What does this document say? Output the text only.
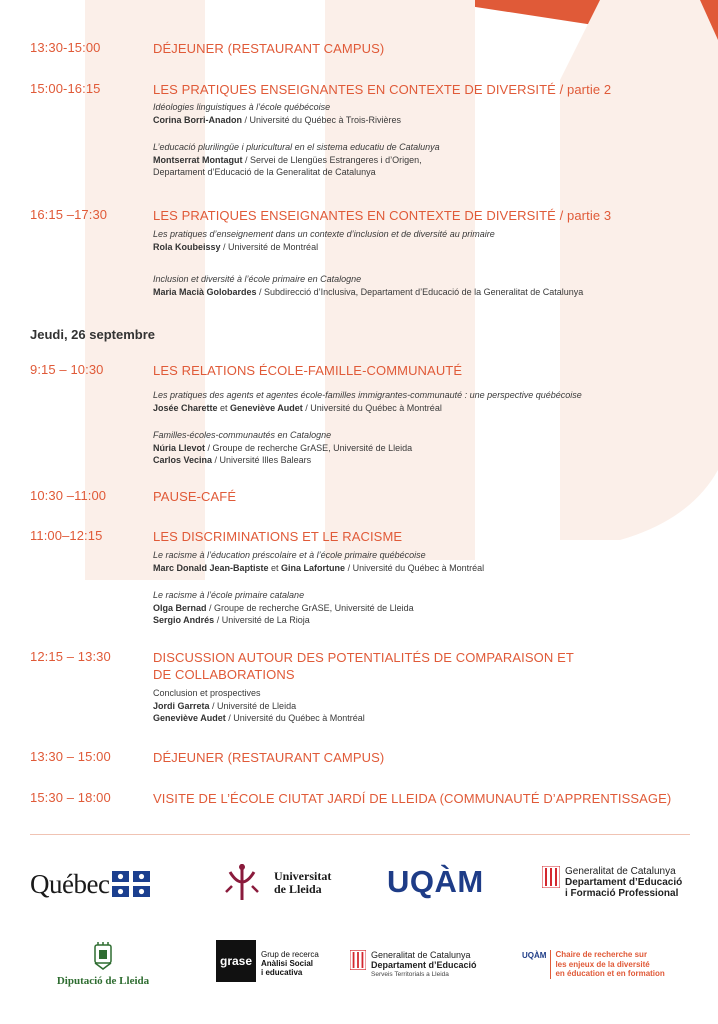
13:30-15:00	DÉJEUNER (RESTAURANT CAMPUS)
15:00-16:15	LES PRATIQUES ENSEIGNANTES EN CONTEXTE DE DIVERSITÉ / partie 2
Idéologies linguistiques à l’école québécoise
Corina Borri-Anadon / Université du Québec à Trois-Rivières
L’educació plurilingüe i pluricultural en el sistema educatiu de Catalunya
Montserrat Montagut / Servei de Llengües Estrangeres i d’Origen,
Departament d’Educació de la Generalitat de Catalunya
16:15 –17:30	LES PRATIQUES ENSEIGNANTES EN CONTEXTE DE DIVERSITÉ / partie 3
Les pratiques d’enseignement dans un contexte d’inclusion et de diversité au primaire
Rola Koubeissy / Université de Montréal
Inclusion et diversité à l’école primaire en Catalogne
Maria Macià Golobardes / Subdirecció d’Inclusiva, Departament d’Educació de la Generalitat de Catalunya
Jeudi, 26 septembre
9:15 – 10:30	LES RELATIONS ÉCOLE-FAMILLE-COMMUNAUTÉ
Les pratiques des agents et agentes école-familles immigrantes-communauté : une perspective québécoise
Josée Charette et Geneviève Audet / Université du Québec à Montréal
Familles-écoles-communautés en Catalogne
Núria Llevot / Groupe de recherche GrASE, Université de Lleida
Carlos Vecina / Université Illes Balears
10:30 –11:00	PAUSE-CAFÉ
11:00–12:15	LES DISCRIMINATIONS ET LE RACISME
Le racisme à l’éducation préscolaire et à l’école primaire québécoise
Marc Donald Jean-Baptiste et Gina Lafortune / Université du Québec à Montréal
Le racisme à l’école primaire catalane
Olga Bernad / Groupe de recherche GrASE, Université de Lleida
Sergio Andrés / Université de La Rioja
12:15 – 13:30	DISCUSSION AUTOUR DES POTENTIALITÉS DE COMPARAISON ET
DE COLLABORATIONS
Conclusion et prospectives
Jordi Garreta / Université de Lleida
Geneviève Audet / Université du Québec à Montréal
13:30 – 15:00	DÉJEUNER (RESTAURANT CAMPUS)
15:30 – 18:00	VISITE DE L’ÉCOLE CIUTAT JARDÍ DE LLEIDA (COMMUNAUTÉ D’APPRENTISSAGE)
Québec	Universitat
de Lleida	UQÀM	Generalitat de Catalunya
Departament d’Educació
i Formació Professional
Diputació de Lleida
grase Grup de recerca
Anàlisi Social
i educativa
Generalitat de Catalunya
Departament d’Educació
Serveis Territorials a Lleida
UQÀM Chaire de recherche sur
les enjeux de la diversité
en éducation et en formation
